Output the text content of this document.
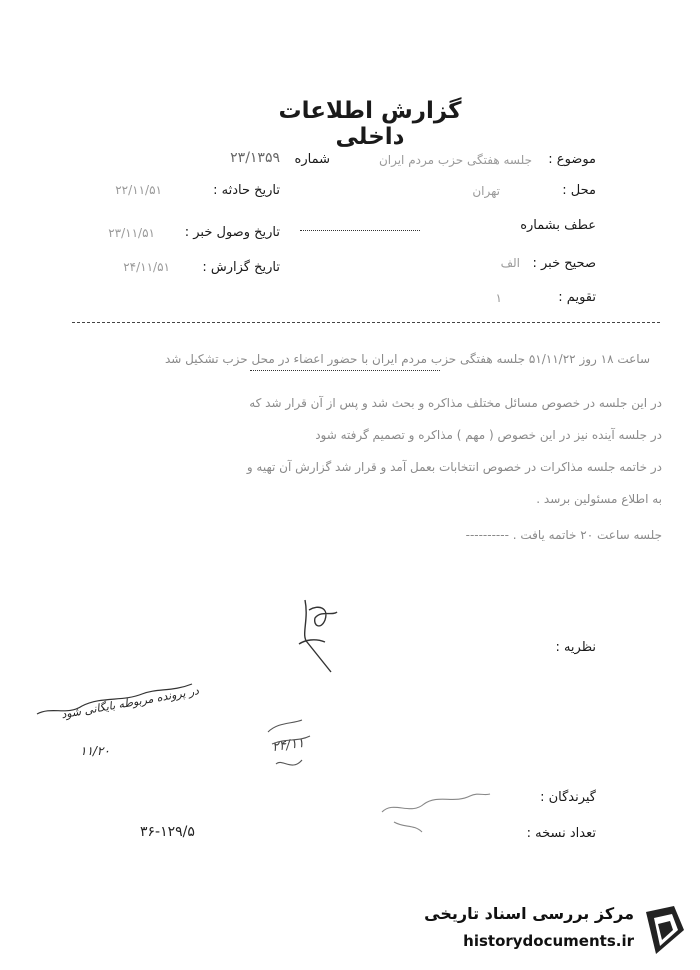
گزارش اطلاعات داخلی
موضوع :
جلسه هفتگی حزب مردم ایران
شماره
۲۳/۱۳۵۹
محل :
تهران
تاریخ حادثه :
۲۲/۱۱/۵۱
عطف بشماره
تاریخ وصول خبر :
۲۳/۱۱/۵۱
صحیح خبر :
الف
تاریخ گزارش :
۲۴/۱۱/۵۱
تقویم :
۱
ساعت ۱۸ روز ۵۱/۱۱/۲۲ جلسه هفتگی حزب مردم ایران با حضور اعضاء در محل حزب تشکیل شد
در این جلسه در خصوص مسائل مختلف مذاکره و بحث شد و پس از آن قرار شد که
در جلسه آینده نیز در این خصوص ( مهم ) مذاکره و تصمیم گرفته شود
در خاتمه جلسه مذاکرات در خصوص انتخابات بعمل آمد و قرار شد گزارش آن تهیه و
به اطلاع مسئولین برسد .
جلسه ساعت ۲۰ خاتمه یافت . ----------
نظریه :
در پرونده مربوطه بایگانی شود
۱۱/۲۰	۲۴/۱۱
گیرندگان :
تعداد نسخه :
۳۶-۱۲۹/۵
مرکز بررسی اسناد تاریخی
historydocuments.ir
